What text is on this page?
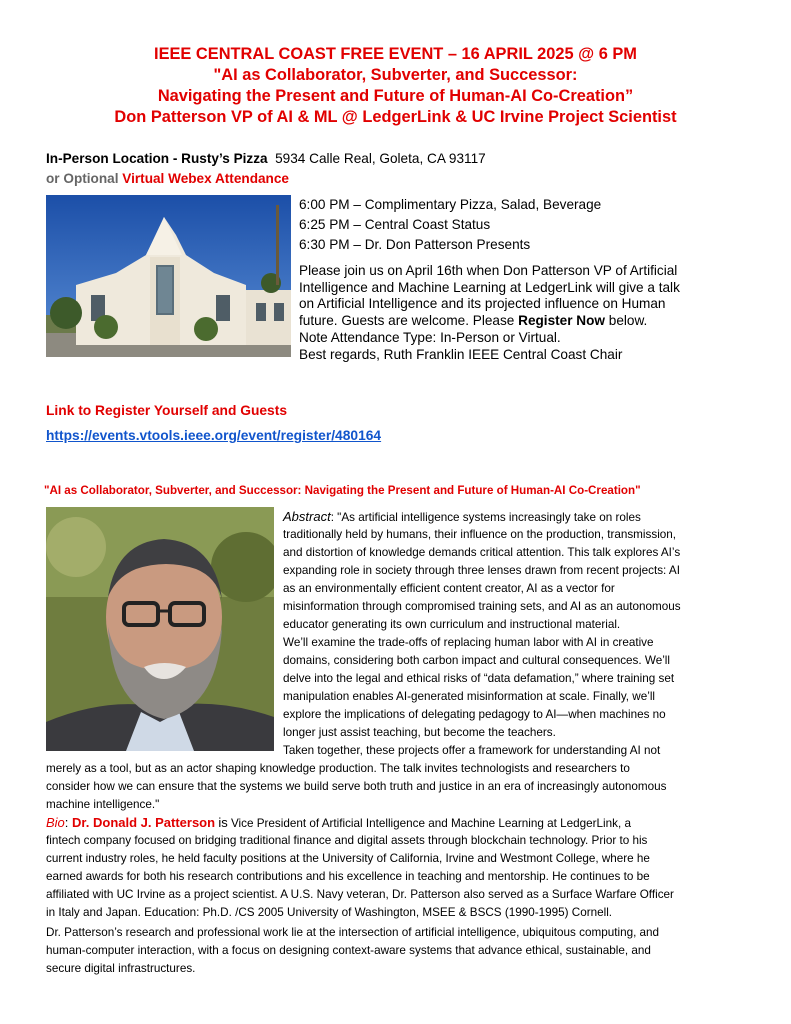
IEEE CENTRAL COAST FREE EVENT – 16 APRIL 2025 @ 6 PM
"AI as Collaborator, Subverter, and Successor:
Navigating the Present and Future of Human-AI Co-Creation”
Don Patterson VP of AI & ML @ LedgerLink & UC Irvine Project Scientist
In-Person Location - Rusty’s Pizza 5934 Calle Real, Goleta, CA 93117
or Optional Virtual Webex Attendance
6:00 PM – Complimentary Pizza, Salad, Beverage
6:25 PM – Central Coast Status
6:30 PM – Dr. Don Patterson Presents
Please join us on April 16th when Don Patterson VP of Artificial
Intelligence and Machine Learning at LedgerLink will give a talk
on Artificial Intelligence and its projected influence on Human
future. Guests are welcome. Please Register Now below.
Note Attendance Type: In-Person or Virtual.
Best regards, Ruth Franklin IEEE Central Coast Chair
Link to Register Yourself and Guests
https://events.vtools.ieee.org/event/register/480164
"AI as Collaborator, Subverter, and Successor: Navigating the Present and Future of Human-AI Co-Creation"
Abstract: "As artificial intelligence systems increasingly take on roles
traditionally held by humans, their influence on the production, transmission,
and distortion of knowledge demands critical attention. This talk explores AI’s
expanding role in society through three lenses drawn from recent projects: AI
as an environmentally efficient content creator, AI as a vector for
misinformation through compromised training sets, and AI as an autonomous
educator generating its own curriculum and instructional material.
We’ll examine the trade-offs of replacing human labor with AI in creative
domains, considering both carbon impact and cultural consequences. We’ll
delve into the legal and ethical risks of “data defamation,” where training set
manipulation enables AI-generated misinformation at scale. Finally, we’ll
explore the implications of delegating pedagogy to AI—when machines no
longer just assist teaching, but become the teachers.
Taken together, these projects offer a framework for understanding AI not
merely as a tool, but as an actor shaping knowledge production. The talk invites technologists and researchers to
consider how we can ensure that the systems we build serve both truth and justice in an era of increasingly autonomous
machine intelligence."
Bio: Dr. Donald J. Patterson is Vice President of Artificial Intelligence and Machine Learning at LedgerLink, a
fintech company focused on bridging traditional finance and digital assets through blockchain technology. Prior to his
current industry roles, he held faculty positions at the University of California, Irvine and Westmont College, where he
earned awards for both his research contributions and his excellence in teaching and mentorship. He continues to be
affiliated with UC Irvine as a project scientist. A U.S. Navy veteran, Dr. Patterson also served as a Surface Warfare Officer
in Italy and Japan. Education: Ph.D. /CS 2005 University of Washington, MSEE & BSCS (1990-1995) Cornell.
Dr. Patterson’s research and professional work lie at the intersection of artificial intelligence, ubiquitous computing, and
human-computer interaction, with a focus on designing context-aware systems that advance ethical, sustainable, and
secure digital infrastructures.
